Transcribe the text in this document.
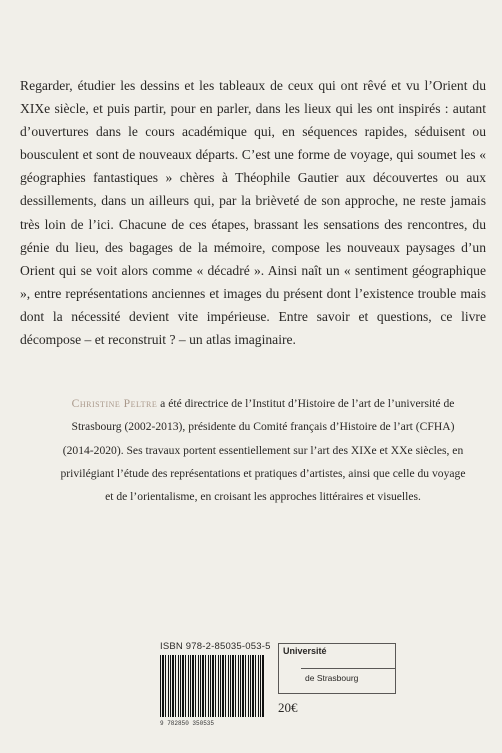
Regarder, étudier les dessins et les tableaux de ceux qui ont rêvé et vu l’Orient du XIXe siècle, et puis partir, pour en parler, dans les lieux qui les ont inspirés : autant d’ouvertures dans le cours académique qui, en séquences rapides, séduisent ou bousculent et sont de nouveaux départs. C’est une forme de voyage, qui soumet les « géographies fantastiques » chères à Théophile Gautier aux découvertes ou aux dessillements, dans un ailleurs qui, par la brièveté de son approche, ne reste jamais très loin de l’ici. Chacune de ces étapes, brassant les sensations des rencontres, du génie du lieu, des bagages de la mémoire, compose les nouveaux paysages d’un Orient qui se voit alors comme « décadré ». Ainsi naît un « sentiment géographique », entre représentations anciennes et images du présent dont l’existence trouble mais dont la nécessité devient vite impérieuse. Entre savoir et questions, ce livre décompose – et reconstruit ? – un atlas imaginaire.

Christine Peltre a été directrice de l’Institut d’Histoire de l’art de l’université de Strasbourg (2002-2013), présidente du Comité français d’Histoire de l’art (CFHA) (2014-2020). Ses travaux portent essentiellement sur l’art des XIXe et XXe siècles, en privilégiant l’étude des représentations et pratiques d’artistes, ainsi que celle du voyage et de l’orientalisme, en croisant les approches littéraires et visuelles.

ISBN 978-2-85035-053-5
9 782850 350535
Université
de Strasbourg
20€
